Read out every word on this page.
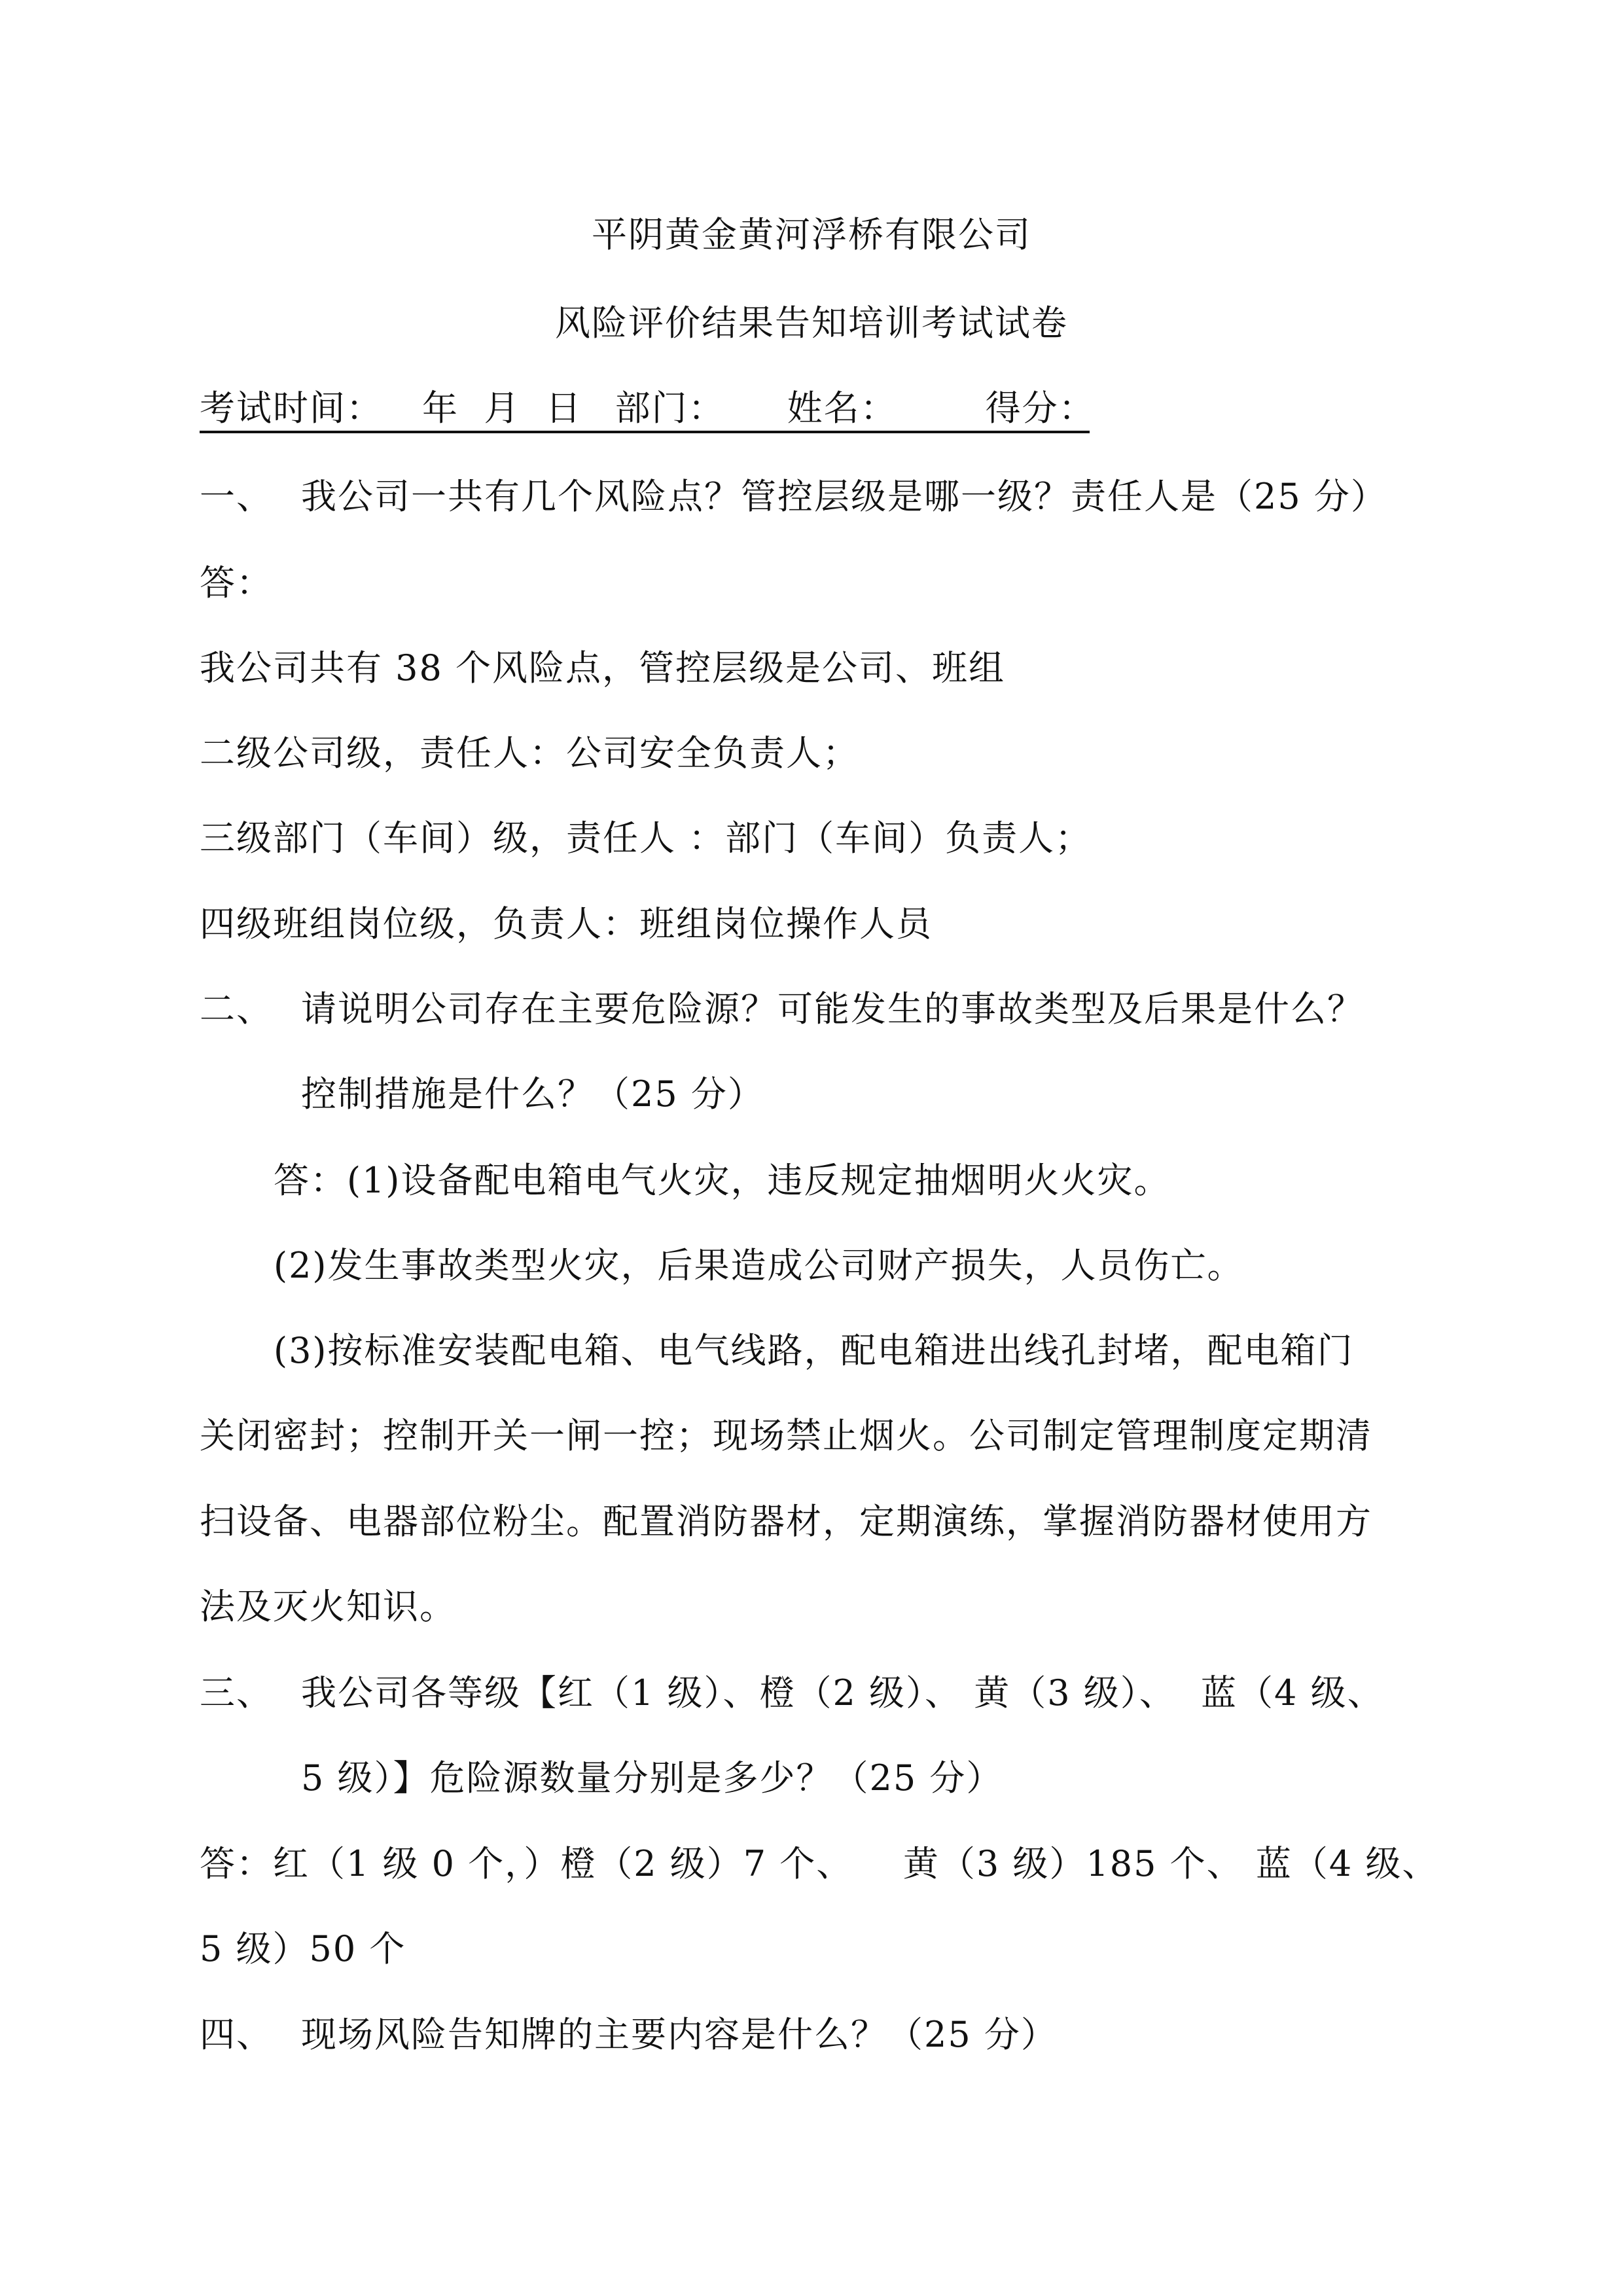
平阴黄金黄河浮桥有限公司
风险评价结果告知培训考试试卷
考试时间： 年  月  日 部门： 姓名：	得分：
一、 我公司一共有几个风险点？管控层级是哪一级？责任人是（25 分）
答：
我公司共有 38 个风险点，管控层级是公司、班组
二级公司级，责任人：公司安全负责人；
三级部门（车间）级，责任人 ：部门（车间）负责人；
四级班组岗位级，负责人：班组岗位操作人员
二、 请说明公司存在主要危险源？可能发生的事故类型及后果是什么？
控制措施是什么？（25 分）
答：(1)设备配电箱电气火灾，违反规定抽烟明火火灾。
(2)发生事故类型火灾，后果造成公司财产损失，人员伤亡。
(3)按标准安装配电箱、电气线路，配电箱进出线孔封堵，配电箱门
关闭密封；控制开关一闸一控；现场禁止烟火。公司制定管理制度定期清
扫设备、电器部位粉尘。配置消防器材，定期演练，掌握消防器材使用方
法及灭火知识。
三、 我公司各等级【红（1 级）、橙（2 级）、 黄（3 级）、  蓝（4 级、
5 级）】危险源数量分别是多少？（25 分）
答：红（1 级 0 个，）橙（2 级）7 个、    黄（3 级）185 个、 蓝（4 级、
5 级）50 个
四、 现场风险告知牌的主要内容是什么？（25 分）
